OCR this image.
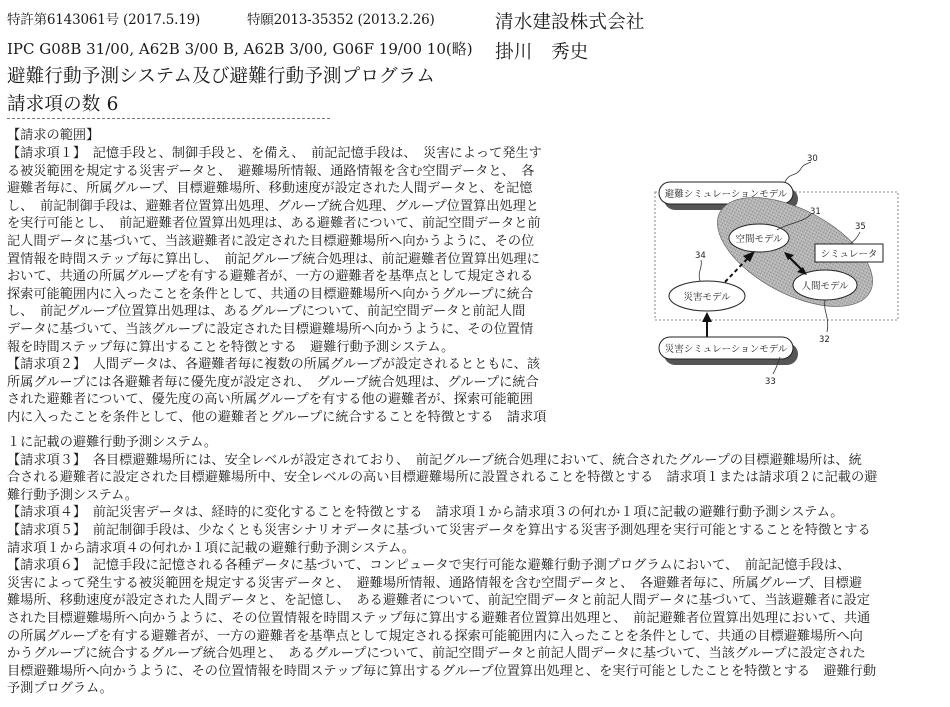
特許第6143061号 (2017.5.19)	特願2013-35352 (2013.2.26)
IPC G08B 31/00, A62B 3/00 B, A62B 3/00, G06F 19/00 10(略)
避難行動予測システム及び避難行動予測プログラム
請求項の数 6
清水建設株式会社
掛川　秀史
【請求の範囲】
【請求項１】　記憶手段と、制御手段と、を備え、　前記記憶手段は、　災害によって発生す
る被災範囲を規定する災害データと、　避難場所情報、通路情報を含む空間データと、　各
避難者毎に、所属グループ、目標避難場所、移動速度が設定された人間データと、を記憶
し、　前記制御手段は、避難者位置算出処理、グループ統合処理、グループ位置算出処理と
を実行可能とし、　前記避難者位置算出処理は、ある避難者について、前記空間データと前
記人間データに基づいて、当該避難者に設定された目標避難場所へ向かうように、その位
置情報を時間ステップ毎に算出し、　前記グループ統合処理は、前記避難者位置算出処理に
おいて、共通の所属グループを有する避難者が、一方の避難者を基準点として規定される
探索可能範囲内に入ったことを条件として、共通の目標避難場所へ向かうグループに統合
し、　前記グループ位置算出処理は、あるグループについて、前記空間データと前記人間
データに基づいて、当該グループに設定された目標避難場所へ向かうように、その位置情
報を時間ステップ毎に算出することを特徴とする　避難行動予測システム。
【請求項２】　人間データは、各避難者毎に複数の所属グループが設定されるとともに、該
所属グループには各避難者毎に優先度が設定され、　グループ統合処理は、グループに統合
された避難者について、優先度の高い所属グループを有する他の避難者が、探索可能範囲
内に入ったことを条件として、他の避難者とグループに統合することを特徴とする　請求項
１に記載の避難行動予測システム。
【請求項３】　各目標避難場所には、安全レベルが設定されており、　前記グループ統合処理において、統合されたグループの目標避難場所は、統
合される避難者に設定された目標避難場所中、安全レベルの高い目標避難場所に設置されることを特徴とする　請求項１または請求項２に記載の避
難行動予測システム。
【請求項４】　前記災害データは、経時的に変化することを特徴とする　請求項１から請求項３の何れか１項に記載の避難行動予測システム。
【請求項５】　前記制御手段は、少なくとも災害シナリオデータに基づいて災害データを算出する災害予測処理を実行可能とすることを特徴とする
請求項１から請求項４の何れか１項に記載の避難行動予測システム。
【請求項６】　記憶手段に記憶される各種データに基づいて、コンピュータで実行可能な避難行動予測プログラムにおいて、　前記記憶手段は、
災害によって発生する被災範囲を規定する災害データと、　避難場所情報、通路情報を含む空間データと、　各避難者毎に、所属グループ、目標避
難場所、移動速度が設定された人間データと、を記憶し、　ある避難者について、前記空間データと前記人間データに基づいて、当該避難者に設定
された目標避難場所へ向かうように、その位置情報を時間ステップ毎に算出する避難者位置算出処理と、　前記避難者位置算出処理において、共通
の所属グループを有する避難者が、一方の避難者を基準点として規定される探索可能範囲内に入ったことを条件として、共通の目標避難場所へ向
かうグループに統合するグループ統合処理と、　あるグループについて、前記空間データと前記人間データに基づいて、当該グループに設定された
目標避難場所へ向かうように、その位置情報を時間ステップ毎に算出するグループ位置算出処理と、を実行可能としたことを特徴とする　避難行動
予測プログラム。
避難シミュレーションモデル
30
空間モデル
31
シミュレータ
35
人間モデル
32
災害モデル
34
災害シミュレーションモデル
33
